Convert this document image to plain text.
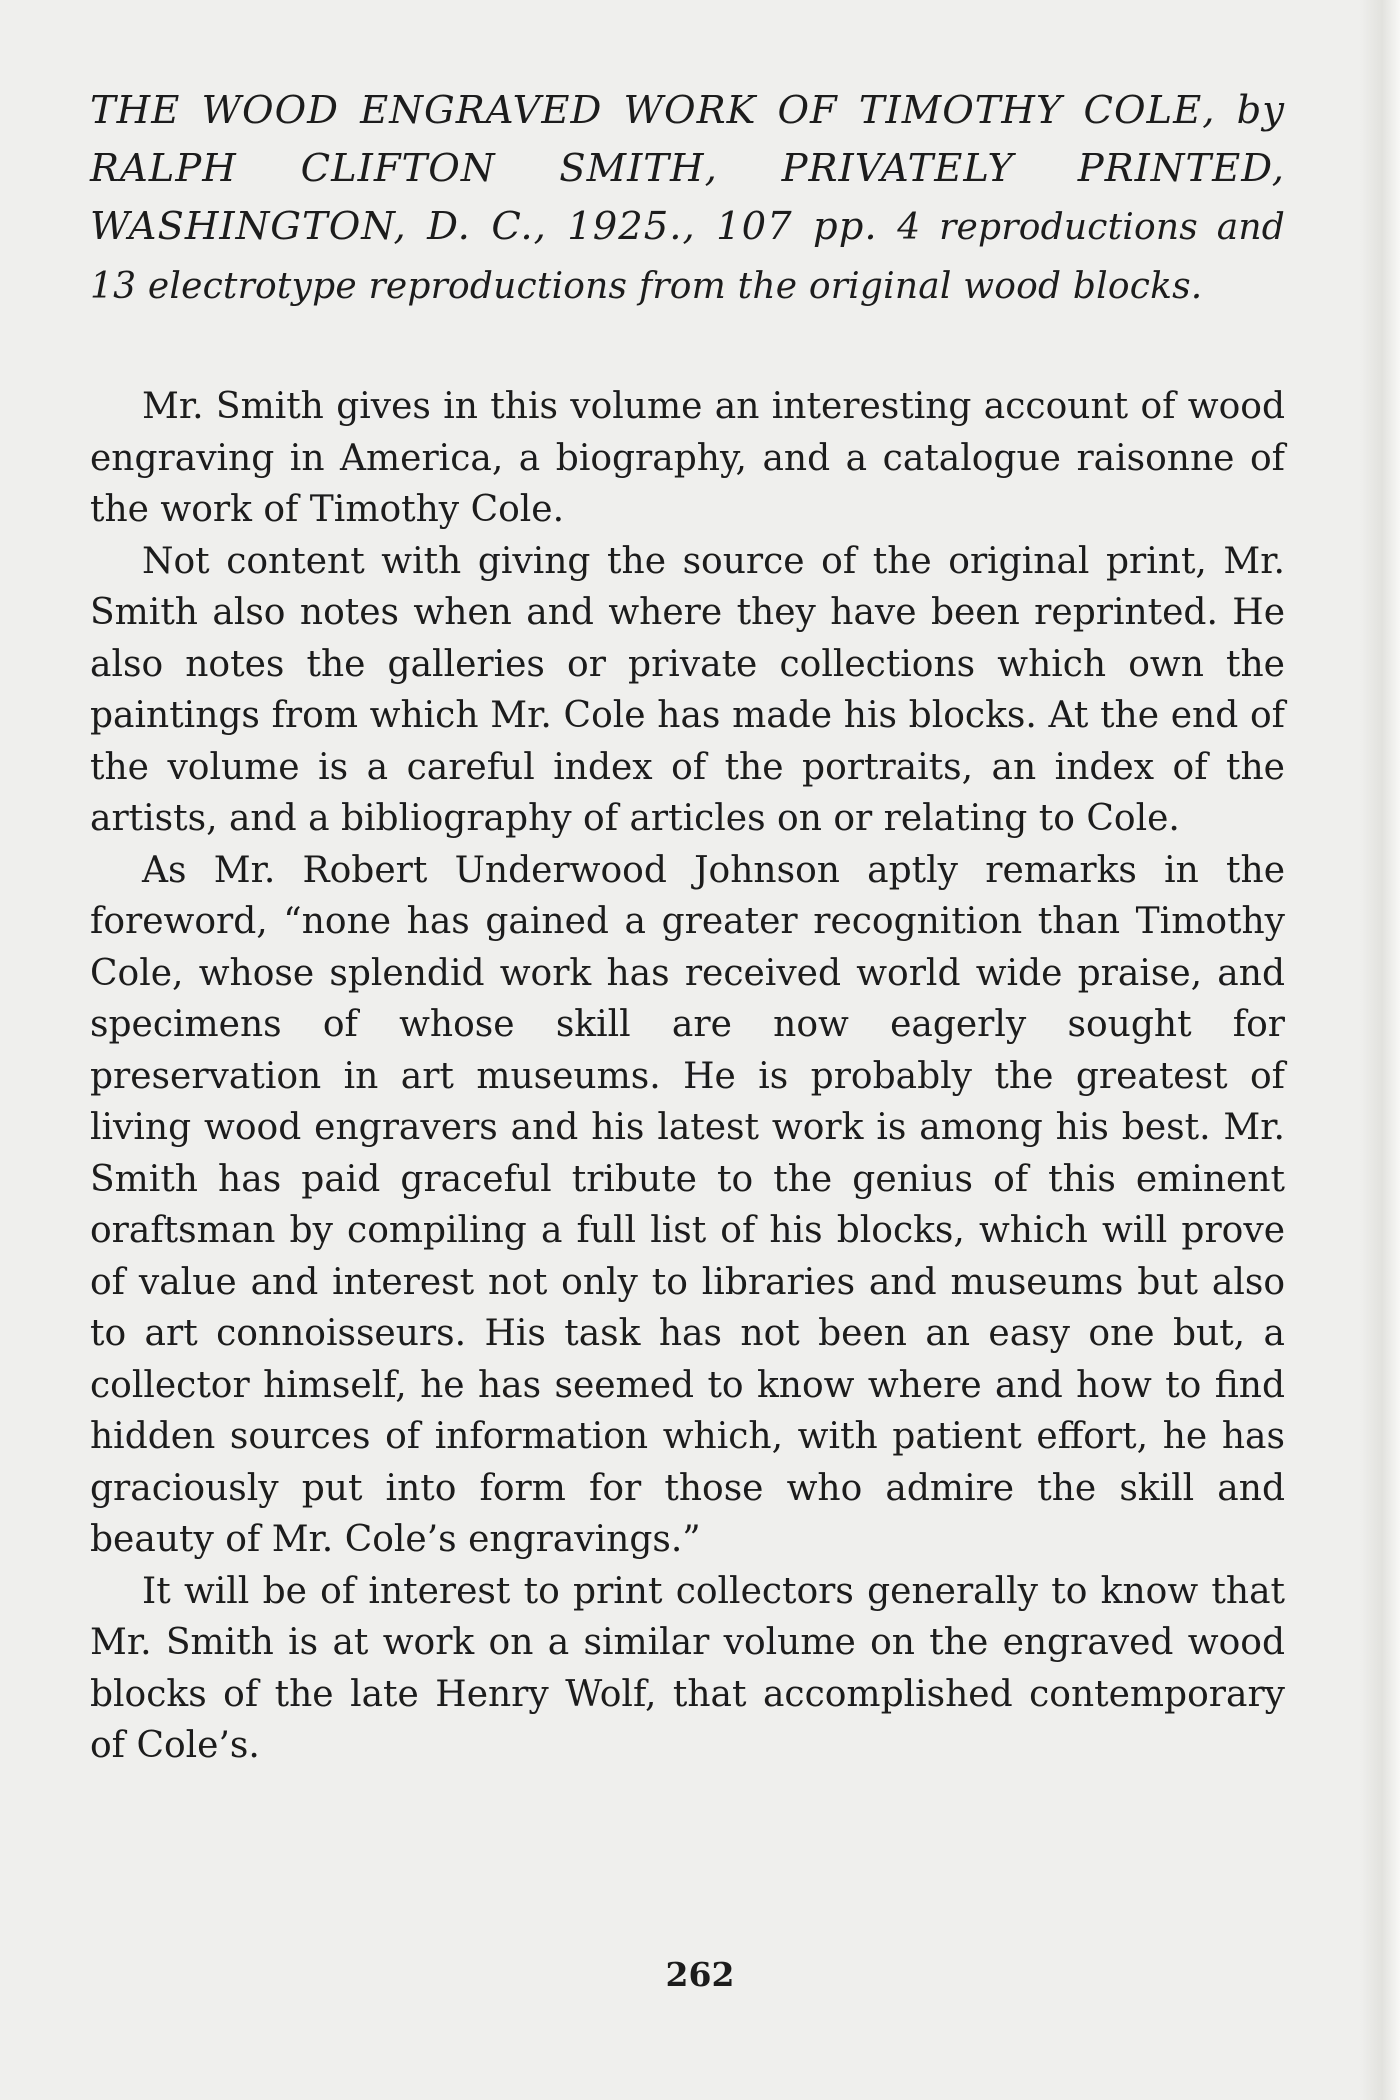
THE WOOD ENGRAVED WORK OF TIMOTHY COLE, by RALPH CLIFTON SMITH, PRIVATELY PRINTED, WASHINGTON, D. C., 1925., 107 pp. 4 reproductions and 13 electrotype reproductions from the original wood blocks.

Mr. Smith gives in this volume an interesting account of wood engraving in America, a biography, and a catalogue raisonne of the work of Timothy Cole.

Not content with giving the source of the original print, Mr. Smith also notes when and where they have been reprinted. He also notes the galleries or private collections which own the paintings from which Mr. Cole has made his blocks. At the end of the volume is a careful index of the portraits, an index of the artists, and a bibliography of articles on or relating to Cole.

As Mr. Robert Underwood Johnson aptly remarks in the foreword, “none has gained a greater recognition than Timothy Cole, whose splendid work has received world wide praise, and specimens of whose skill are now eagerly sought for preservation in art museums. He is probably the greatest of living wood engravers and his latest work is among his best. Mr. Smith has paid graceful tribute to the genius of this eminent oraftsman by compiling a full list of his blocks, which will prove of value and interest not only to libraries and museums but also to art connoisseurs. His task has not been an easy one but, a collector himself, he has seemed to know where and how to find hidden sources of information which, with patient effort, he has graciously put into form for those who admire the skill and beauty of Mr. Cole’s engravings.”

It will be of interest to print collectors generally to know that Mr. Smith is at work on a similar volume on the engraved wood blocks of the late Henry Wolf, that accomplished contemporary of Cole’s.

262
